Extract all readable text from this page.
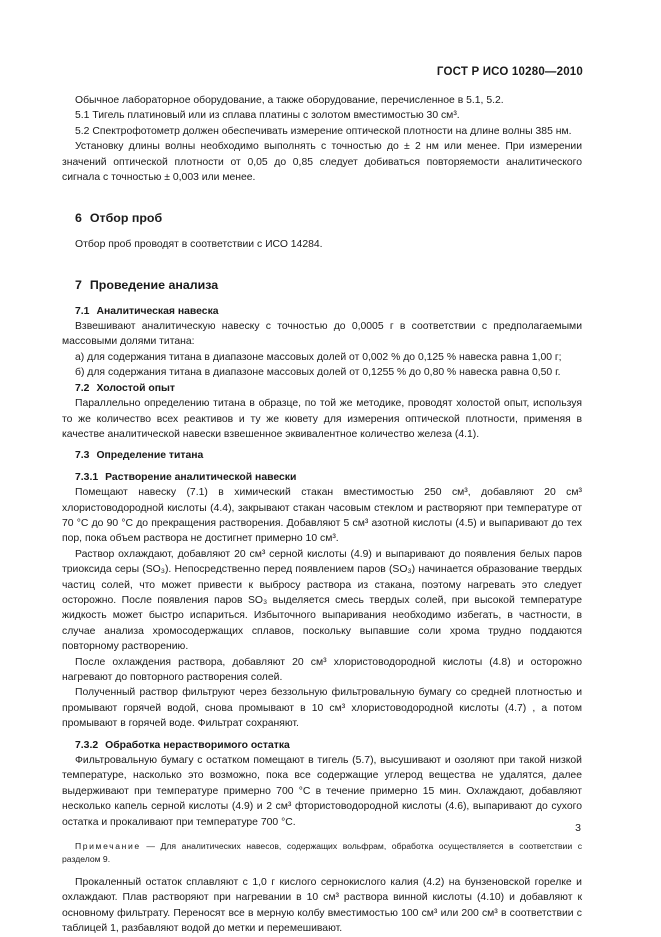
ГОСТ Р ИСО 10280—2010

Обычное лабораторное оборудование, а также оборудование, перечисленное в 5.1, 5.2.

5.1 Тигель платиновый или из сплава платины с золотом вместимостью 30 см³.

5.2 Спектрофотометр должен обеспечивать измерение оптической плотности на длине волны 385 нм.

Установку длины волны необходимо выполнять с точностью до ± 2 нм или менее. При измерении значений оптической плотности от 0,05 до 0,85 следует добиваться повторяемости аналитического сигнала с точностью ± 0,003 или менее.

6 Отбор проб

Отбор проб проводят в соответствии с ИСО 14284.

7 Проведение анализа

7.1 Аналитическая навеска

Взвешивают аналитическую навеску с точностью до 0,0005 г в соответствии с предполагаемыми массовыми долями титана:

а) для содержания титана в диапазоне массовых долей от 0,002 % до 0,125 % навеска равна 1,00 г;

б) для содержания титана в диапазоне массовых долей от 0,1255 % до 0,80 % навеска равна 0,50 г.

7.2 Холостой опыт

Параллельно определению титана в образце, по той же методике, проводят холостой опыт, используя то же количество всех реактивов и ту же кювету для измерения оптической плотности, применяя в качестве аналитической навески взвешенное эквивалентное количество железа (4.1).

7.3 Определение титана

7.3.1 Растворение аналитической навески

Помещают навеску (7.1) в химический стакан вместимостью 250 см³, добавляют 20 см³ хлористоводородной кислоты (4.4), закрывают стакан часовым стеклом и растворяют при температуре от 70 °С до 90 °С до прекращения растворения. Добавляют 5 см³ азотной кислоты (4.5) и выпаривают до тех пор, пока объем раствора не достигнет примерно 10 см³.

Раствор охлаждают, добавляют 20 см³ серной кислоты (4.9) и выпаривают до появления белых паров триоксида серы (SO₃). Непосредственно перед появлением паров (SO₃) начинается образование твердых частиц солей, что может привести к выбросу раствора из стакана, поэтому нагревать это следует осторожно. После появления паров SO₃ выделяется смесь твердых солей, при высокой температуре жидкость может быстро испариться. Избыточного выпаривания необходимо избегать, в частности, в случае анализа хромосодержащих сплавов, поскольку выпавшие соли хрома трудно поддаются повторному растворению.

После охлаждения раствора, добавляют 20 см³ хлористоводородной кислоты (4.8) и осторожно нагревают до повторного растворения солей.

Полученный раствор фильтруют через беззольную фильтровальную бумагу со средней плотностью и промывают горячей водой, снова промывают в 10 см³ хлористоводородной кислоты (4.7) , а потом промывают в горячей воде. Фильтрат сохраняют.

7.3.2 Обработка нерастворимого остатка

Фильтровальную бумагу с остатком помещают в тигель (5.7), высушивают и озоляют при такой низкой температуре, насколько это возможно, пока все содержащие углерод вещества не удалятся, далее выдерживают при температуре примерно 700 °С в течение примерно 15 мин. Охлаждают, добавляют несколько капель серной кислоты (4.9) и 2 см³ фтористоводородной кислоты (4.6), выпаривают до сухого остатка и прокаливают при температуре 700 °С.

Примечание — Для аналитических навесов, содержащих вольфрам, обработка осуществляется в соответствии с разделом 9.

Прокаленный остаток сплавляют с 1,0 г кислого сернокислого калия (4.2) на бунзеновской горелке и охлаждают. Плав растворяют при нагревании в 10 см³ раствора винной кислоты (4.10) и добавляют к основному фильтрату. Переносят все в мерную колбу вместимостью 100 см³ или 200 см³ в соответствии с таблицей 1, разбавляют водой до метки и перемешивают.

3
